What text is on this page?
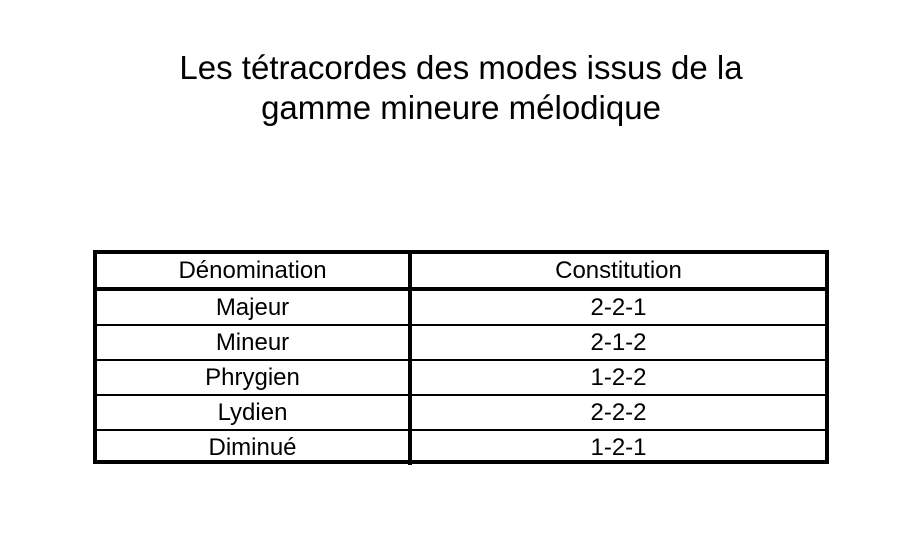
Les tétracordes des modes issus de la
gamme mineure mélodique
Dénomination	Constitution
Majeur	2-2-1
Mineur	2-1-2
Phrygien	1-2-2
Lydien	2-2-2
Diminué	1-2-1
